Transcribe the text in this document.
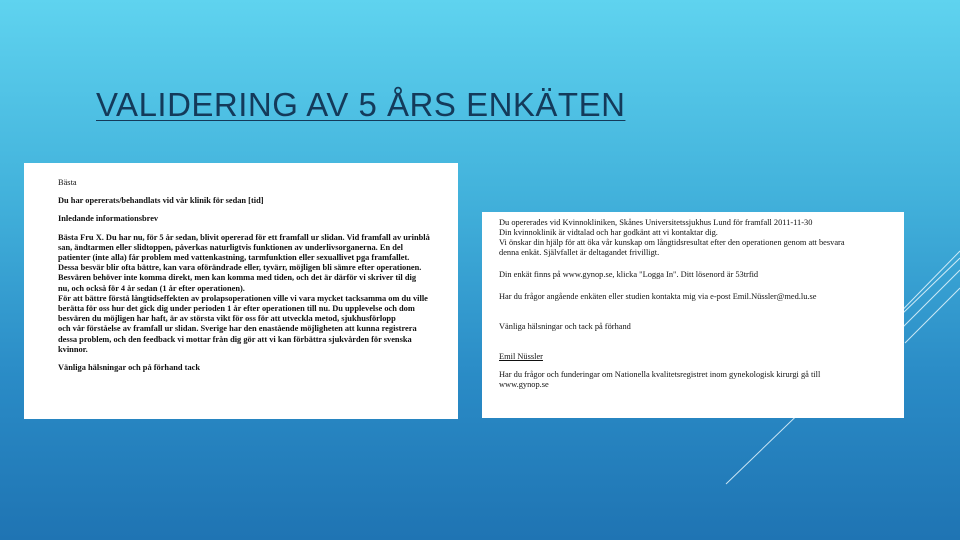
VALIDERING AV 5 ÅRS ENKÄTEN
Bästa
Du har opererats/behandlats vid vår klinik för sedan [tid]
Inledande informationsbrev
Bästa Fru X. Du har nu, för 5 år sedan, blivit opererad för ett framfall ur slidan. Vid framfall av urinblå
san, ändtarmen eller slidtoppen, påverkas naturligtvis funktionen av underlivsorganerna. En del
patienter (inte alla) får problem med vattenkastning, tarmfunktion eller sexuallivet pga framfallet.
Dessa besvär blir ofta bättre, kan vara oförändrade eller, tyvärr, möjligen bli sämre efter operationen.
Besvären behöver inte komma direkt, men kan komma med tiden, och det är därför vi skriver til dig
nu, och också för 4 år sedan (1 år efter operationen).
För att bättre förstå långtidseffekten av prolapsoperationen ville vi vara mycket tacksamma om du ville
berätta för oss hur det gick dig under perioden 1 år efter operationen till nu. Du upplevelse och dom
besvären du möjligen har haft, är av största vikt för oss för att utveckla metod, sjukhusförlopp
och vår förståelse av framfall ur slidan. Sverige har den enastående möjligheten att kunna registrera
dessa problem, och den feedback vi mottar från dig gör att vi kan förbättra sjukvården för svenska
kvinnor.
Vänliga hälsningar och på förhand tack
Du opererades vid Kvinnokliniken, Skånes Universitetssjukhus Lund för framfall 2011-11-30
Din kvinnoklinik är vidtalad och har godkänt att vi kontaktar dig.
Vi önskar din hjälp för att öka vår kunskap om långtidsresultat efter den operationen genom att besvara
denna enkät. Självfallet är deltagandet frivilligt.
Din enkät finns på www.gynop.se, klicka "Logga In". Ditt lösenord är 53trfid
Har du frågor angående enkäten eller studien kontakta mig via e-post Emil.Nüssler@med.lu.se
Vänliga hälsningar och tack på förhand
Emil Nüssler
Har du frågor och funderingar om Nationella kvalitetsregistret inom gynekologisk kirurgi gå till
www.gynop.se
